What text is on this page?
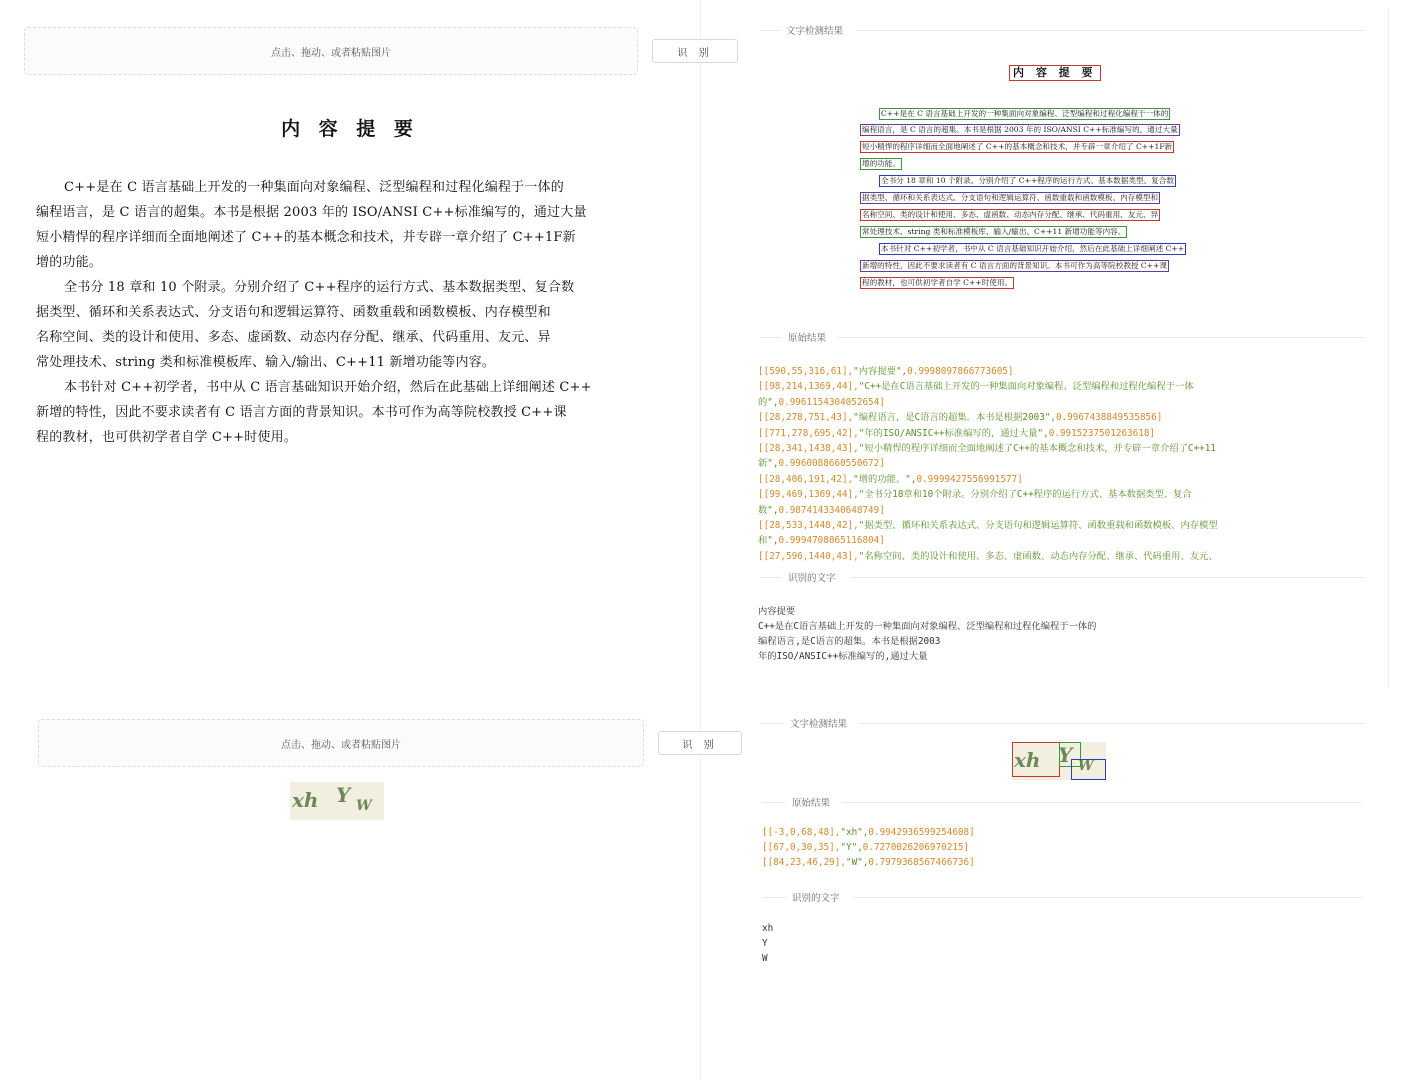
点击、拖动、或者粘贴图片	识 别
内 容 提 要
C++是在 C 语言基础上开发的一种集面向对象编程、泛型编程和过程化编程于一体的
编程语言，是 C 语言的超集。本书是根据 2003 年的 ISO/ANSI C++标准编写的，通过大量
短小精悍的程序详细而全面地阐述了 C++的基本概念和技术，并专辟一章介绍了 C++1F新
增的功能。
全书分 18 章和 10 个附录。分别介绍了 C++程序的运行方式、基本数据类型、复合数
据类型、循环和关系表达式、分支语句和逻辑运算符、函数重载和函数模板、内存模型和
名称空间、类的设计和使用、多态、虚函数、动态内存分配、继承、代码重用、友元、异
常处理技术、string 类和标准模板库、输入/输出、C++11 新增功能等内容。
本书针对 C++初学者，书中从 C 语言基础知识开始介绍，然后在此基础上详细阐述 C++
新增的特性，因此不要求读者有 C 语言方面的背景知识。本书可作为高等院校教授 C++课
程的教材，也可供初学者自学 C++时使用。
文字检测结果
内 容 提 要
C++是在 C 语言基础上开发的一种集面向对象编程、泛型编程和过程化编程于一体的
编程语言，是 C 语言的超集。本书是根据 2003 年的 ISO/ANSI C++标准编写的，通过大量
短小精悍的程序详细而全面地阐述了 C++的基本概念和技术，并专辟一章介绍了 C++1F新
增的功能。
全书分 18 章和 10 个附录。分别介绍了 C++程序的运行方式、基本数据类型、复合数
据类型、循环和关系表达式、分支语句和逻辑运算符、函数重载和函数模板、内存模型和
名称空间、类的设计和使用、多态、虚函数、动态内存分配、继承、代码重用、友元、异
常处理技术、string 类和标准模板库、输入/输出、C++11 新增功能等内容。
本书针对 C++初学者，书中从 C 语言基础知识开始介绍，然后在此基础上详细阐述 C++
新增的特性，因此不要求读者有 C 语言方面的背景知识。本书可作为高等院校教授 C++课
程的教材，也可供初学者自学 C++时使用。
原始结果
[[590,55,316,61],"内容提要",0.9998097866773605]
[[98,214,1369,44],"C++是在C语言基础上开发的一种集面向对象编程、泛型编程和过程化编程于一体
的",0.9961154304052654]
[[28,278,751,43],"编程语言，是C语言的超集。本书是根据2003",0.9967438849535856]
[[771,278,695,42],"年的ISO/ANSIC++标准编写的，通过大量",0.9915237501263618]
[[28,341,1438,43],"短小精悍的程序详细而全面地阐述了C++的基本概念和技术，并专辟一章介绍了C++11
新",0.9960088660550672]
[[28,406,191,42],"增的功能。",0.9999427556991577]
[[99,469,1369,44],"全书分18章和10个附录。分别介绍了C++程序的运行方式、基本数据类型、复合
数",0.9874143340648749]
[[28,533,1448,42],"据类型、循环和关系表达式、分支语句和逻辑运算符、函数重载和函数模板、内存模型
和",0.9994708865116804]
[[27,596,1440,43],"名称空间、类的设计和使用、多态、虚函数、动态内存分配、继承、代码重用、友元、
识别的文字
内容提要
C++是在C语言基础上开发的一种集面向对象编程、泛型编程和过程化编程于一体的
编程语言,是C语言的超集。本书是根据2003
年的ISO/ANSIC++标准编写的,通过大量
点击、拖动、或者粘贴图片	识 别
xh Y W
文字检测结果
xh Y W
原始结果
[[-3,0,68,48],"xh",0.9942936599254608]
[[67,0,30,35],"Y",0.7270026206970215]
[[84,23,46,29],"W",0.7979368567466736]
识别的文字
xh
Y
W
